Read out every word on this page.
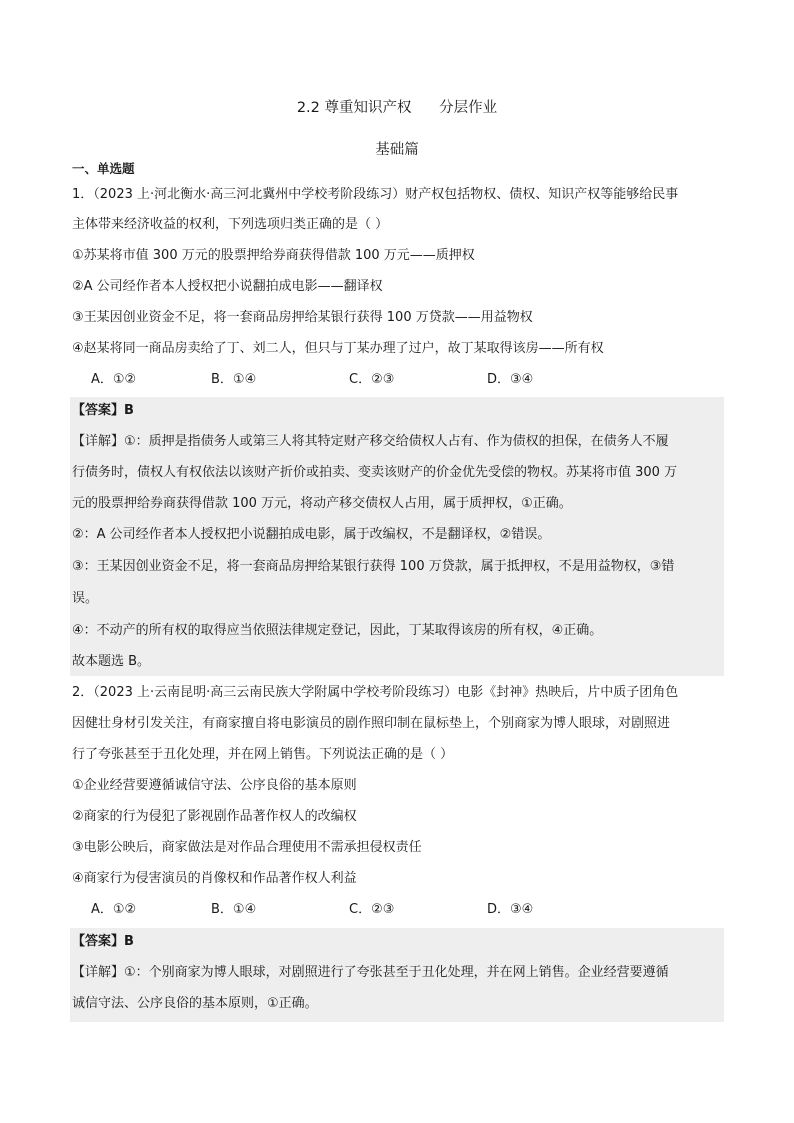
2.2 尊重知识产权      分层作业
基础篇
一、单选题
1．（2023 上·河北衡水·高三河北冀州中学校考阶段练习）财产权包括物权、债权、知识产权等能够给民事
主体带来经济收益的权利，下列选项归类正确的是（ ）
①苏某将市值 300 万元的股票押给券商获得借款 100 万元——质押权
②A 公司经作者本人授权把小说翻拍成电影——翻译权
③王某因创业资金不足，将一套商品房押给某银行获得 100 万贷款——用益物权
④赵某将同一商品房卖给了丁、刘二人，但只与丁某办理了过户，故丁某取得该房——所有权
A．①②	B．①④	C．②③	D．③④
【答案】B
【详解】①：质押是指债务人或第三人将其特定财产移交给债权人占有、作为债权的担保，在债务人不履
行债务时，债权人有权依法以该财产折价或拍卖、变卖该财产的价金优先受偿的物权。苏某将市值 300 万
元的股票押给券商获得借款 100 万元，将动产移交债权人占用，属于质押权，①正确。
②：A 公司经作者本人授权把小说翻拍成电影，属于改编权，不是翻译权，②错误。
③：王某因创业资金不足，将一套商品房押给某银行获得 100 万贷款，属于抵押权，不是用益物权，③错
误。
④：不动产的所有权的取得应当依照法律规定登记，因此，丁某取得该房的所有权，④正确。
故本题选 B。
2．（2023 上·云南昆明·高三云南民族大学附属中学校考阶段练习）电影《封神》热映后，片中质子团角色
因健壮身材引发关注，有商家擅自将电影演员的剧作照印制在鼠标垫上，个别商家为博人眼球，对剧照进
行了夸张甚至于丑化处理，并在网上销售。下列说法正确的是（ ）
①企业经营要遵循诚信守法、公序良俗的基本原则
②商家的行为侵犯了影视剧作品著作权人的改编权
③电影公映后，商家做法是对作品合理使用不需承担侵权责任
④商家行为侵害演员的肖像权和作品著作权人利益
A．①②	B．①④	C．②③	D．③④
【答案】B
【详解】①：个别商家为博人眼球，对剧照进行了夸张甚至于丑化处理，并在网上销售。企业经营要遵循
诚信守法、公序良俗的基本原则，①正确。
